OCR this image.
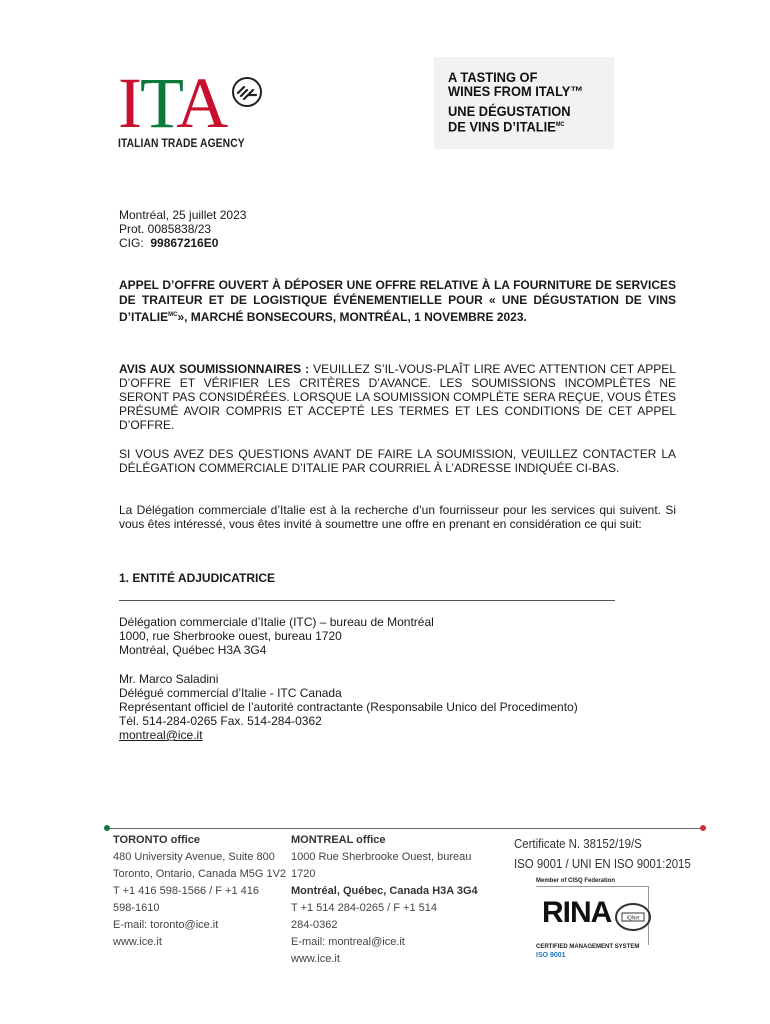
ITA
ITALIAN TRADE AGENCY
A TASTING OF
WINES FROM ITALY™
UNE DÉGUSTATION
DE VINS $D’ITALIE^{MC}$
Montréal, 25 juillet 2023
Prot. 0085838/23
CIG: 99867216E0
APPEL D’OFFRE OUVERT À DÉPOSER UNE OFFRE RELATIVE À LA FOURNITURE DE SERVICES DE TRAITEUR ET DE LOGISTIQUE ÉVÉNEMENTIELLE POUR « UNE DÉGUSTATION DE VINS $D’ITALIE^{MC}$», MARCHÉ BONSECOURS, MONTRÉAL, 1 NOVEMBRE 2023.
AVIS AUX SOUMISSIONNAIRES : VEUILLEZ S’IL-VOUS-PLAÎT LIRE AVEC ATTENTION CET APPEL D’OFFRE ET VÉRIFIER LES CRITÈRES D’AVANCE. LES SOUMISSIONS INCOMPLÈTES NE SERONT PAS CONSIDÉRÉES. LORSQUE LA SOUMISSION COMPLÈTE SERA REÇUE, VOUS ÊTES PRÉSUMÉ AVOIR COMPRIS ET ACCEPTÉ LES TERMES ET LES CONDITIONS DE CET APPEL D’OFFRE.
SI VOUS AVEZ DES QUESTIONS AVANT DE FAIRE LA SOUMISSION, VEUILLEZ CONTACTER LA DÉLÉGATION COMMERCIALE D’ITALIE PAR COURRIEL À L’ADRESSE INDIQUÉE CI-BAS.
La Délégation commerciale d’Italie est à la recherche d’un fournisseur pour les services qui suivent. Si vous êtes intéressé, vous êtes invité à soumettre une offre en prenant en considération ce qui suit:
1. ENTITÉ ADJUDICATRICE
Délégation commerciale d’Italie (ITC) – bureau de Montréal
1000, rue Sherbrooke ouest, bureau 1720
Montréal, Québec H3A 3G4
Mr. Marco Saladini
Délégué commercial d’Italie - ITC Canada
Représentant officiel de l’autorité contractante (Responsabile Unico del Procedimento)
Tél. 514-284-0265 Fax. 514-284-0362
montreal@ice.it
TORONTO office
480 University Avenue, Suite 800
Toronto, Ontario, Canada M5G 1V2
T +1 416 598-1566 / F +1 416
598-1610
E-mail: toronto@ice.it
www.ice.it
MONTREAL office
1000 Rue Sherbrooke Ouest, bureau
1720
Montréal, Québec, Canada H3A 3G4
T +1 514 284-0265 / F +1 514
284-0362
E-mail: montreal@ice.it
www.ice.it
Certificate N. 38152/19/S
ISO 9001 / UNI EN ISO 9001:2015
Member of CISQ Federation
RINA	IQNet
CERTIFIED MANAGEMENT SYSTEM
ISO 9001
